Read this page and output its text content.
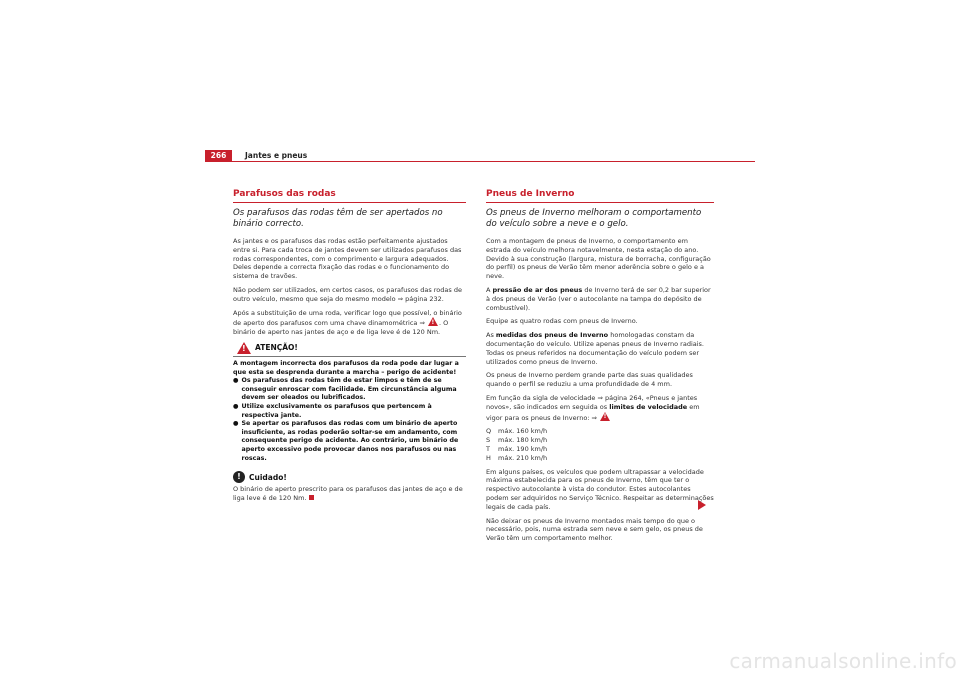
266	Jantes e pneus
Parafusos das rodas
Os parafusos das rodas têm de ser apertados no binário correcto.

As jantes e os parafusos das rodas estão perfeitamente ajustados entre si. Para cada troca de jantes devem ser utilizados parafusos das rodas correspondentes, com o comprimento e largura adequados. Deles depende a correcta fixação das rodas e o funcionamento do sistema de travões.

Não podem ser utilizados, em certos casos, os parafusos das rodas de outro veículo, mesmo que seja do mesmo modelo ⇒ página 232.

Após a substituição de uma roda, verificar logo que possível, o binário de aperto dos parafusos com uma chave dinamométrica ⇒ ! . O binário de aperto nas jantes de aço e de liga leve é de 120 Nm.

!
ATENÇÃO!
A montagem incorrecta dos parafusos da roda pode dar lugar a que esta se desprenda durante a marcha – perigo de acidente!
● Os parafusos das rodas têm de estar limpos e têm de se conseguir enroscar com facilidade. Em circunstância alguma devem ser oleados ou lubrificados.
● Utilize exclusivamente os parafusos que pertencem à respectiva jante.
● Se apertar os parafusos das rodas com um binário de aperto insuficiente, as rodas poderão soltar-se em andamento, com consequente perigo de acidente. Ao contrário, um binário de aperto excessivo pode provocar danos nos parafusos ou nas roscas.
!	Cuidado!

O binário de aperto prescrito para os parafusos das jantes de aço e de liga leve é de 120 Nm.

Pneus de Inverno
Os pneus de Inverno melhoram o comportamento do veículo sobre a neve e o gelo.

Com a montagem de pneus de Inverno, o comportamento em estrada do veículo melhora notavelmente, nesta estação do ano. Devido à sua construção (largura, mistura de borracha, configuração do perfil) os pneus de Verão têm menor aderência sobre o gelo e a neve.

A pressão de ar dos pneus de Inverno terá de ser 0,2 bar superior à dos pneus de Verão (ver o autocolante na tampa do depósito de combustível).

Equipe as quatro rodas com pneus de Inverno.

As medidas dos pneus de Inverno homologadas constam da documentação do veículo. Utilize apenas pneus de Inverno radiais. Todas os pneus referidos na documentação do veículo podem ser utilizados como pneus de Inverno.

Os pneus de Inverno perdem grande parte das suas qualidades quando o perfil se reduziu a uma profundidade de 4 mm.

Em função da sigla de velocidade ⇒ página 264, «Pneus e jantes novos», são indicados em seguida os limites de velocidade em vigor para os pneus de Inverno: ⇒ !

Q	máx. 160 km/h
S	máx. 180 km/h
T	máx. 190 km/h
H	máx. 210 km/h

Em alguns países, os veículos que podem ultrapassar a velocidade máxima estabelecida para os pneus de Inverno, têm que ter o respectivo autocolante à vista do condutor. Estes autocolantes podem ser adquiridos no Serviço Técnico. Respeitar as determinações legais de cada país.

Não deixar os pneus de Inverno montados mais tempo do que o necessário, pois, numa estrada sem neve e sem gelo, os pneus de Verão têm um comportamento melhor.

carmanualsonline.info
